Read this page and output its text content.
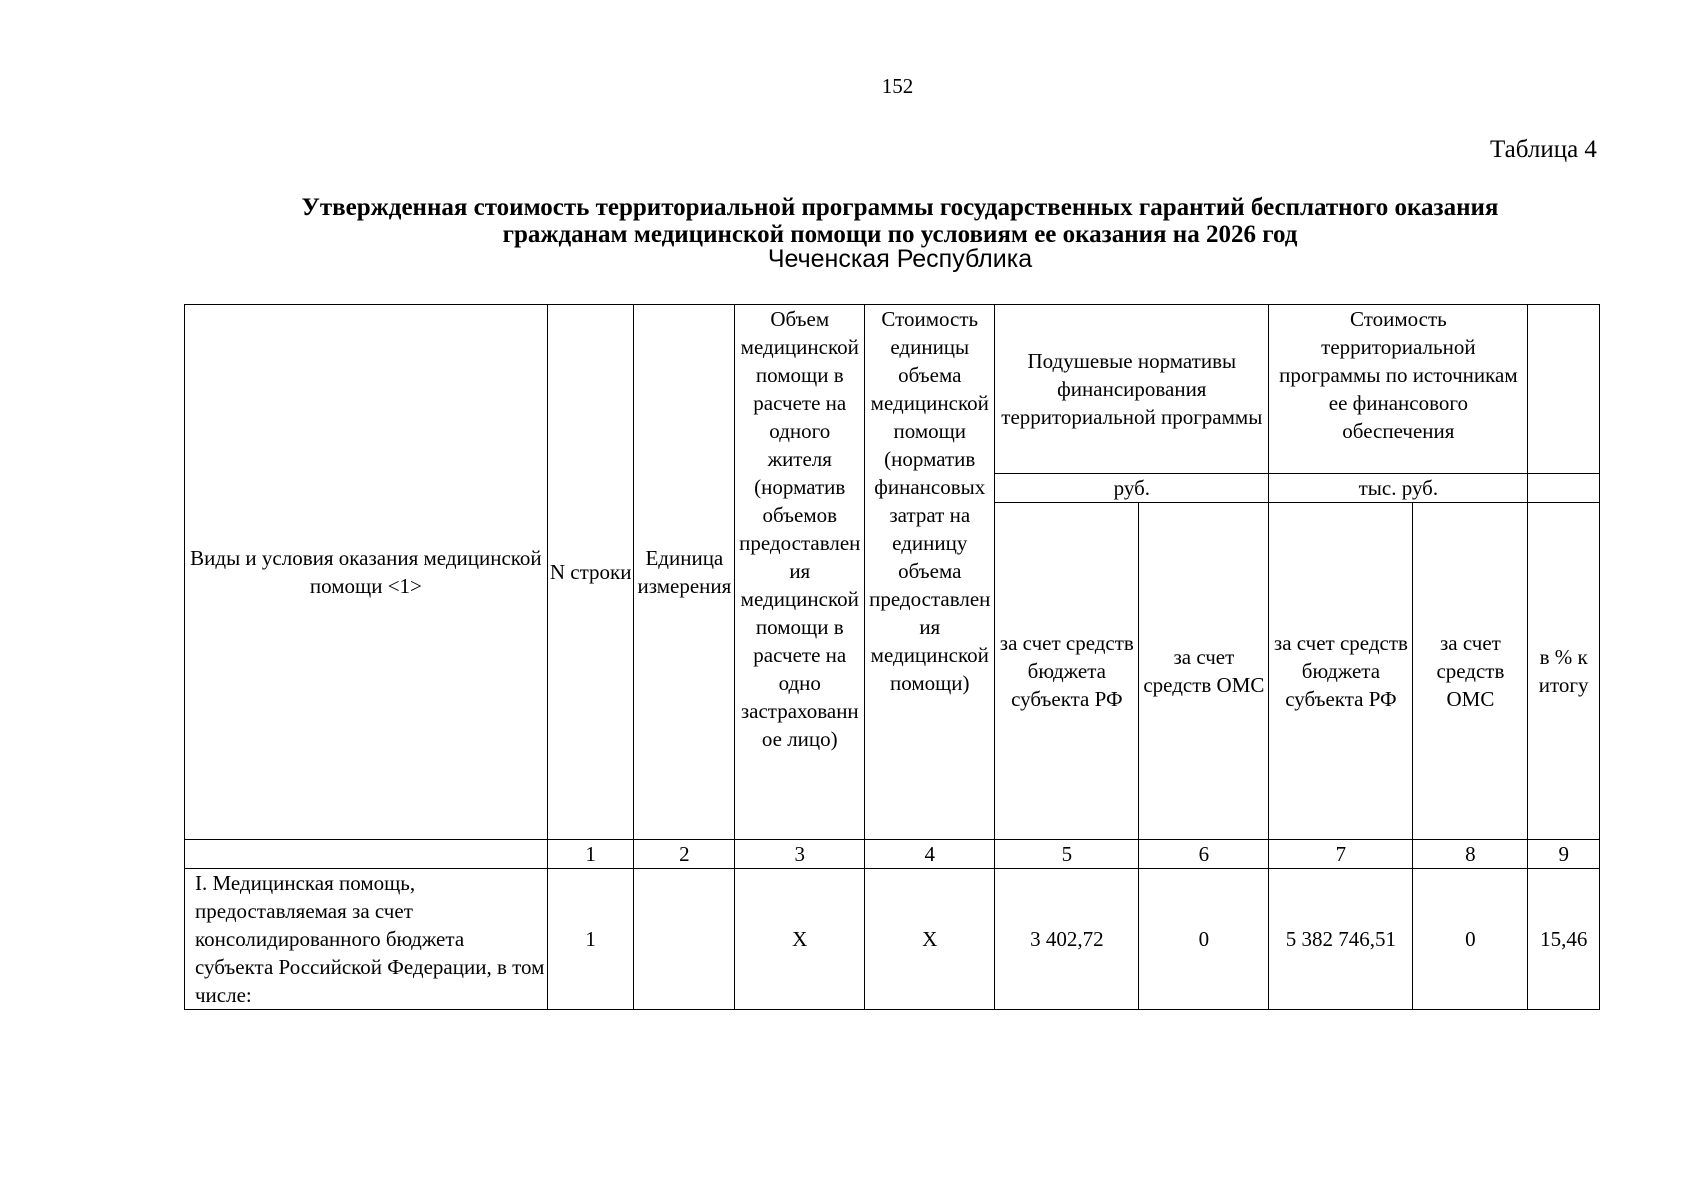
152
Таблица 4
Утвержденная стоимость территориальной программы государственных гарантий бесплатного оказания
гражданам медицинской помощи по условиям ее оказания на 2026 год
Чеченская Республика
Виды и условия оказания медицинской помощи <1>	N строки	Единица измерения	Объем медицинской помощи в расчете на одного жителя (норматив объемов предоставления медицинской помощи в расчете на одно застрахованное лицо)	Стоимость единицы объема медицинской помощи (норматив финансовых затрат на единицу объема предоставления медицинской помощи)	Подушевые нормативы финансирования территориальной программы		Стоимость территориальной программы по источникам ее финансового обеспечения		
					руб.		тыс. руб.		
					за счет средств бюджета субъекта РФ	за счет средств ОМС	за счет средств бюджета субъекта РФ	за счет средств ОМС	в % к итогу
	1	2	3	4	5	6	7	8	9
I. Медицинская помощь, предоставляемая за счет консолидированного бюджета субъекта Российской Федерации, в том числе:	1		X	X	3 402,72	0	5 382 746,51	0	15,46
